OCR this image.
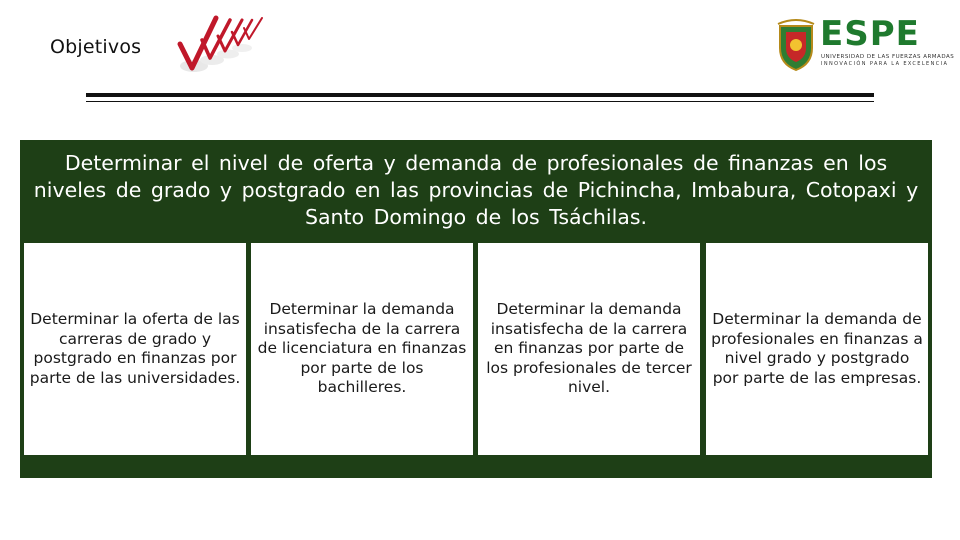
Objetivos	ESPE
UNIVERSIDAD DE LAS FUERZAS ARMADAS
INNOVACIÓN PARA LA EXCELENCIA
Determinar el nivel de oferta y demanda de profesionales de finanzas en los niveles de grado y postgrado en las provincias de Pichincha, Imbabura, Cotopaxi y Santo Domingo de los Tsáchilas.
Determinar la oferta de las carreras de grado y postgrado en finanzas por parte de las universidades.
Determinar la demanda insatisfecha de la carrera de licenciatura en finanzas por parte de los bachilleres.
Determinar la demanda insatisfecha de la carrera en finanzas por parte de los profesionales de tercer nivel.
Determinar la demanda de profesionales en finanzas a nivel grado y postgrado por parte de las empresas.
